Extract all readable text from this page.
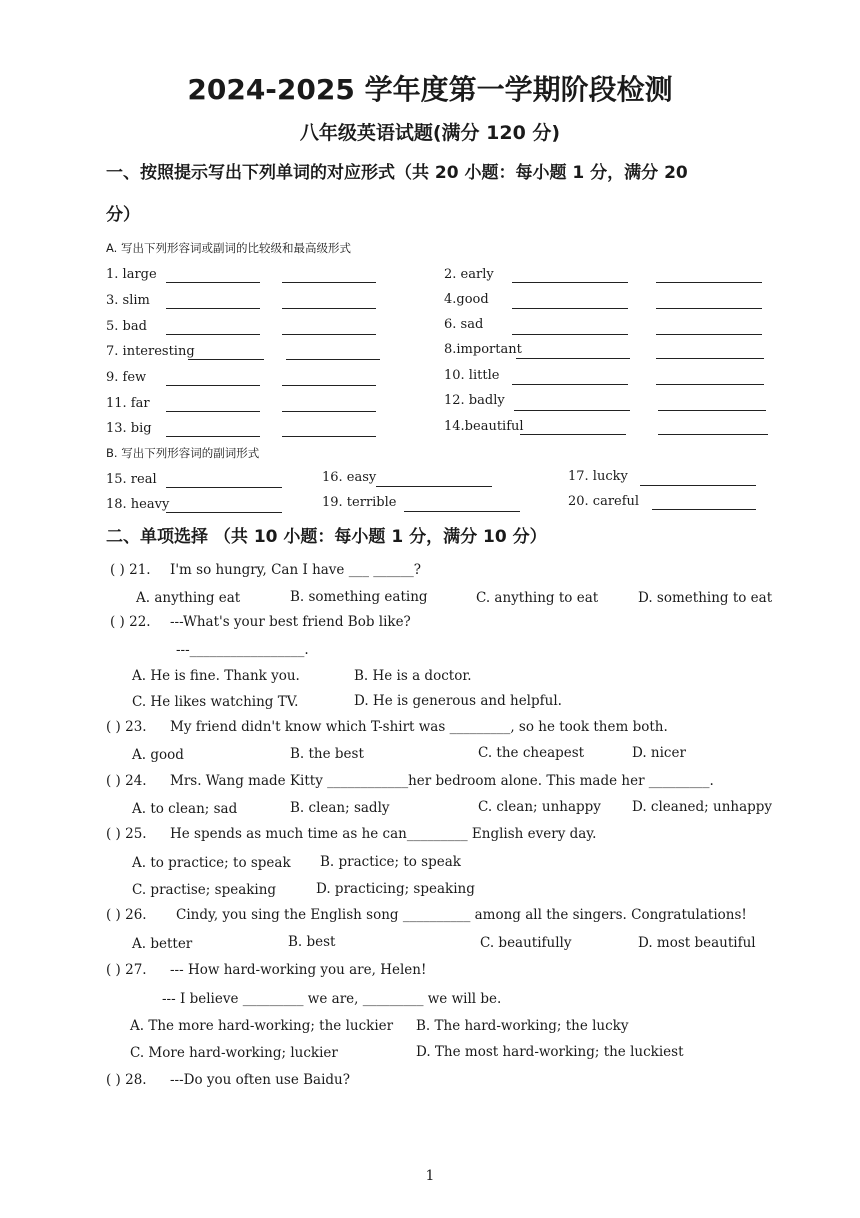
2024-2025 学年度第一学期阶段检测
八年级英语试题(满分 120 分)
一、按照提示写出下列单词的对应形式（共 20 小题：每小题 1 分，满分 20
分）
A. 写出下列形容词或副词的比较级和最高级形式
1. large	2. early
3. slim	4.good
5. bad	6. sad
7. interesting	8.important
9. few	10. little
11. far	12. badly
13. big	14.beautiful
B. 写出下列形容词的副词形式
15. real	16. easy	17. lucky
18. heavy	19. terrible	20. careful
二、单项选择 （共 10 小题：每小题 1 分，满分 10 分）
( ) 21. I'm so hungry, Can I have ___ ______?
A. anything eat	B. something eating	C. anything to eat	D. something to eat
( ) 22. ---What's your best friend Bob like?
---_________________.
A. He is fine. Thank you.	B. He is a doctor.
C. He likes watching TV.	D. He is generous and helpful.
( ) 23. My friend didn't know which T-shirt was _________, so he took them both.
A. good	B. the best	C. the cheapest	D. nicer
( ) 24. Mrs. Wang made Kitty ____________her bedroom alone. This made her _________.
A. to clean; sad	B. clean; sadly	C. clean; unhappy D. cleaned; unhappy
( ) 25. He spends as much time as he can_________ English every day.
A. to practice; to speak B. practice; to speak
C. practise; speaking	D. practicing; speaking
( ) 26. Cindy, you sing the English song __________ among all the singers. Congratulations!
A. better	B. best	C. beautifully	D. most beautiful
( ) 27. --- How hard-working you are, Helen!
--- I believe _________ we are, _________ we will be.
A. The more hard-working; the luckier B. The hard-working; the lucky
C. More hard-working; luckier	D. The most hard-working; the luckiest
( ) 28. ---Do you often use Baidu?
1
